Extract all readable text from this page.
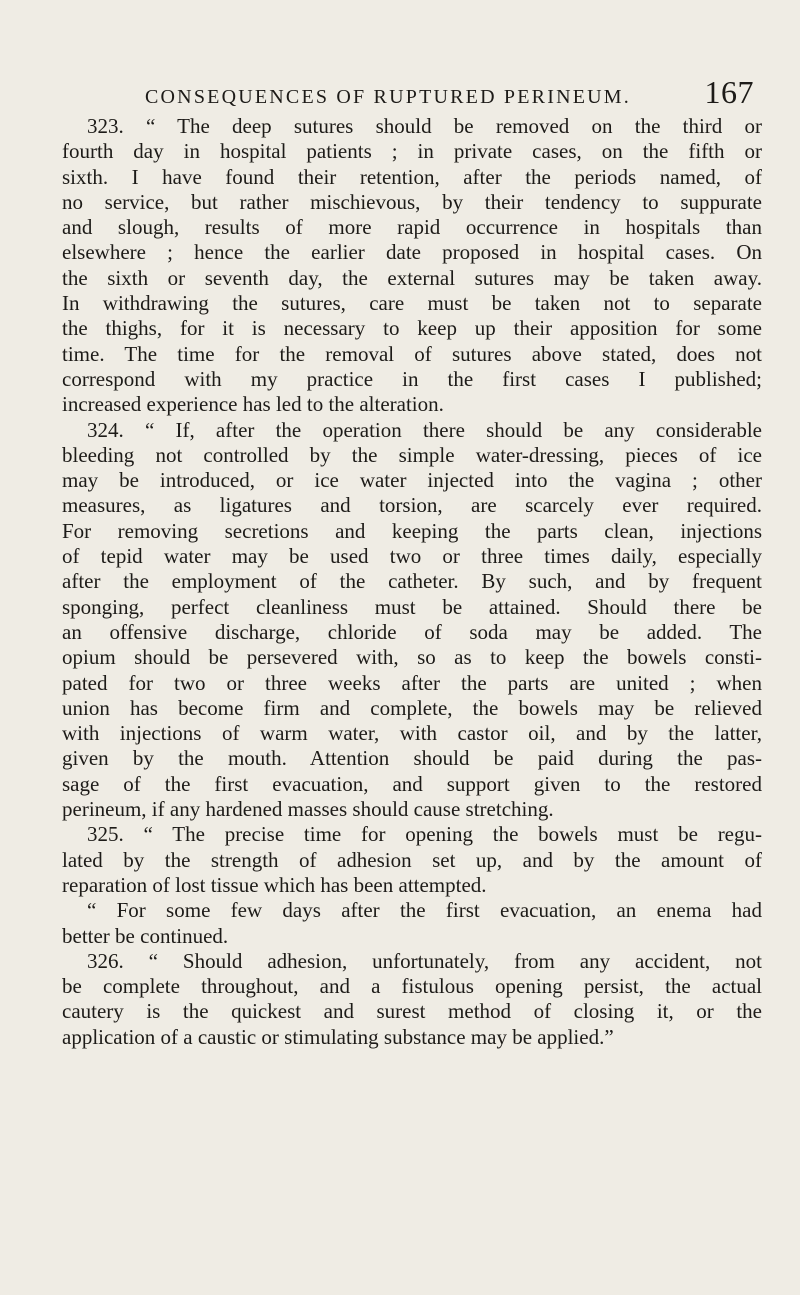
CONSEQUENCES OF RUPTURED PERINEUM. 167
323. “ The deep sutures should be removed on the third or
fourth day in hospital patients ; in private cases, on the fifth or
sixth. I have found their retention, after the periods named, of
no service, but rather mischievous, by their tendency to suppurate
and slough, results of more rapid occurrence in hospitals than
elsewhere ; hence the earlier date proposed in hospital cases. On
the sixth or seventh day, the external sutures may be taken away.
In withdrawing the sutures, care must be taken not to separate
the thighs, for it is necessary to keep up their apposition for some
time. The time for the removal of sutures above stated, does not
correspond with my practice in the first cases I published;
increased experience has led to the alteration.
324. “ If, after the operation there should be any considerable
bleeding not controlled by the simple water-dressing, pieces of ice
may be introduced, or ice water injected into the vagina ; other
measures, as ligatures and torsion, are scarcely ever required.
For removing secretions and keeping the parts clean, injections
of tepid water may be used two or three times daily, especially
after the employment of the catheter. By such, and by frequent
sponging, perfect cleanliness must be attained. Should there be
an offensive discharge, chloride of soda may be added. The
opium should be persevered with, so as to keep the bowels consti-
pated for two or three weeks after the parts are united ; when
union has become firm and complete, the bowels may be relieved
with injections of warm water, with castor oil, and by the latter,
given by the mouth. Attention should be paid during the pas-
sage of the first evacuation, and support given to the restored
perineum, if any hardened masses should cause stretching.
325. “ The precise time for opening the bowels must be regu-
lated by the strength of adhesion set up, and by the amount of
reparation of lost tissue which has been attempted.
“ For some few days after the first evacuation, an enema had
better be continued.
326. “ Should adhesion, unfortunately, from any accident, not
be complete throughout, and a fistulous opening persist, the actual
cautery is the quickest and surest method of closing it, or the
application of a caustic or stimulating substance may be applied.”
